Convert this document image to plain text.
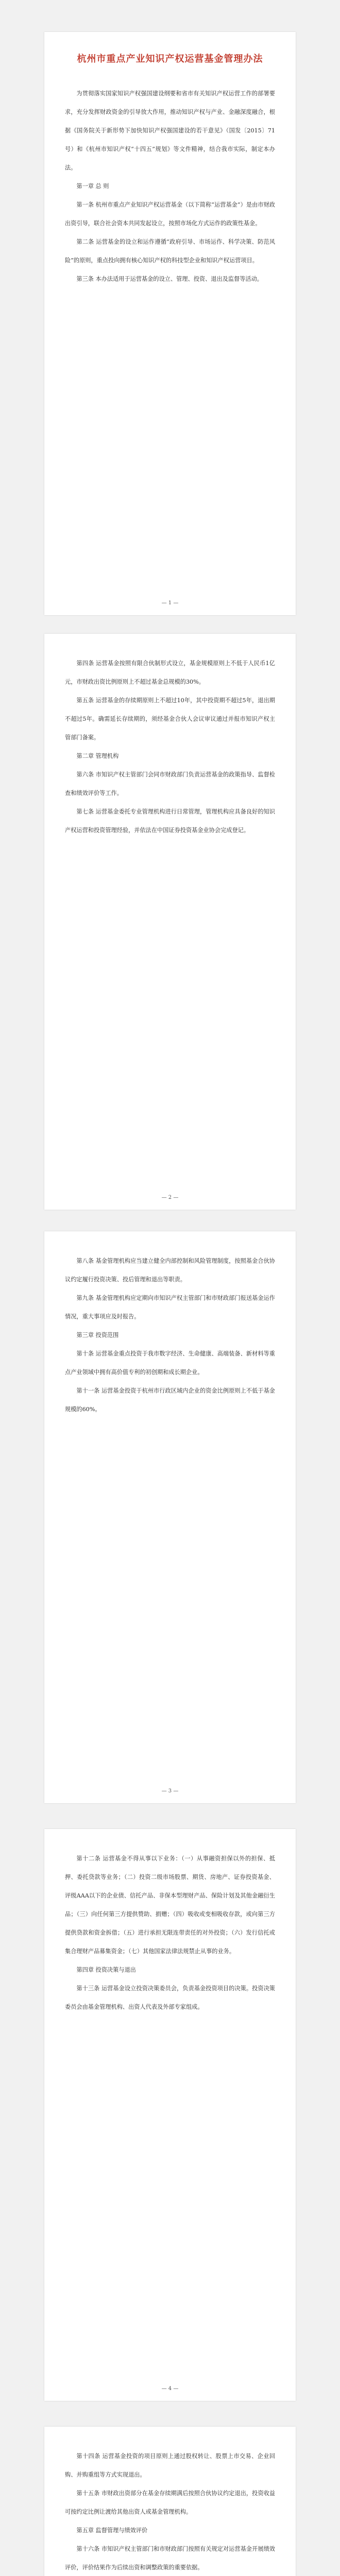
杭州市重点产业知识产权运营基金管理办法

为贯彻落实国家知识产权强国建设纲要和省市有关知识产权运营工作的部署要求，充分发挥财政资金的引导放大作用，推动知识产权与产业、金融深度融合，根据《国务院关于新形势下加快知识产权强国建设的若干意见》（国发〔2015〕71号）和《杭州市知识产权“十四五”规划》等文件精神，结合我市实际，制定本办法。

第一章 总 则

第一条 杭州市重点产业知识产权运营基金（以下简称“运营基金”）是由市财政出资引导，联合社会资本共同发起设立，按照市场化方式运作的政策性基金。

第二条 运营基金的设立和运作遵循“政府引导、市场运作、科学决策、防范风险”的原则，重点投向拥有核心知识产权的科技型企业和知识产权运营项目。

第三条 本办法适用于运营基金的设立、管理、投资、退出及监督等活动。

— 1 —

第四条 运营基金按照有限合伙制形式设立，基金规模原则上不低于人民币1亿元，市财政出资比例原则上不超过基金总规模的30%。

第五条 运营基金的存续期原则上不超过10年，其中投资期不超过5年，退出期不超过5年。确需延长存续期的，须经基金合伙人会议审议通过并报市知识产权主管部门备案。

第二章 管理机构

第六条 市知识产权主管部门会同市财政部门负责运营基金的政策指导、监督检查和绩效评价等工作。

第七条 运营基金委托专业管理机构进行日常管理，管理机构应具备良好的知识产权运营和投资管理经验，并依法在中国证券投资基金业协会完成登记。

— 2 —

第八条 基金管理机构应当建立健全内部控制和风险管理制度，按照基金合伙协议约定履行投资决策、投后管理和退出等职责。

第九条 基金管理机构应定期向市知识产权主管部门和市财政部门报送基金运作情况，重大事项应及时报告。

第三章 投资范围

第十条 运营基金重点投资于我市数字经济、生命健康、高端装备、新材料等重点产业领域中拥有高价值专利的初创期和成长期企业。

第十一条 运营基金投资于杭州市行政区域内企业的资金比例原则上不低于基金规模的60%。

— 3 —

第十二条 运营基金不得从事以下业务：（一）从事融资担保以外的担保、抵押、委托贷款等业务；（二）投资二级市场股票、期货、房地产、证券投资基金、评级AAA以下的企业债、信托产品、非保本型理财产品、保险计划及其他金融衍生品；（三）向任何第三方提供赞助、捐赠；（四）吸收或变相吸收存款，或向第三方提供贷款和资金拆借；（五）进行承担无限连带责任的对外投资；（六）发行信托或集合理财产品募集资金；（七）其他国家法律法规禁止从事的业务。

第四章 投资决策与退出

第十三条 运营基金设立投资决策委员会，负责基金投资项目的决策。投资决策委员会由基金管理机构、出资人代表及外部专家组成。

— 4 —

第十四条 运营基金投资的项目原则上通过股权转让、股票上市交易、企业回购、并购重组等方式实现退出。

第十五条 市财政出资部分在基金存续期满后按照合伙协议约定退出，投资收益可按约定比例让渡给其他出资人或基金管理机构。

第五章 监督管理与绩效评价

第十六条 市知识产权主管部门和市财政部门按照有关规定对运营基金开展绩效评价，评价结果作为后续出资和调整政策的重要依据。
